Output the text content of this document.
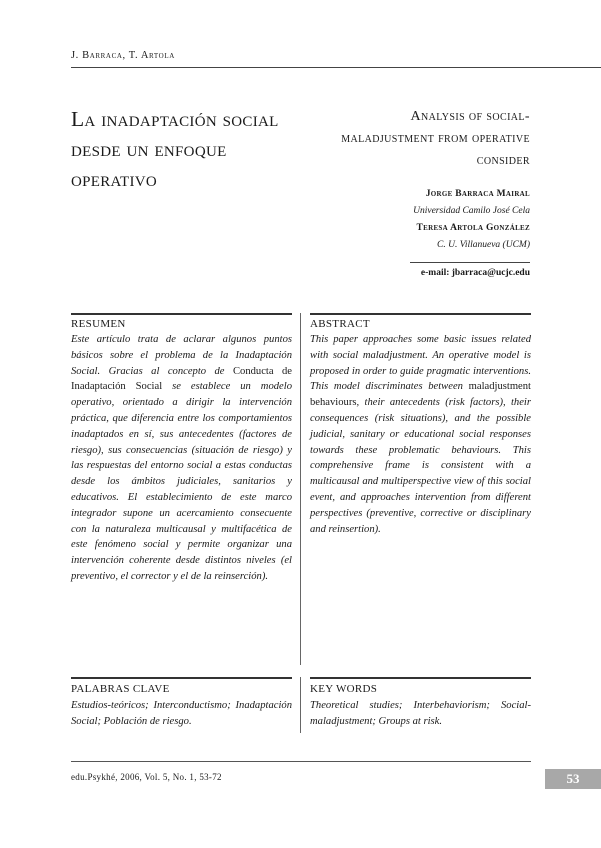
J. Barraca, T. Artola
La inadaptación social desde un enfoque operativo
Analysis of social-maladjustment from operative consider
Jorge Barraca Mairal
Universidad Camilo José Cela
Teresa Artola González
C. U. Villanueva (UCM)
e-mail: jbarraca@ucjc.edu
RESUMEN
Este artículo trata de aclarar algunos puntos básicos sobre el problema de la Inadaptación Social. Gracias al concepto de Conducta de Inadaptación Social se establece un modelo operativo, orientado a dirigir la intervención práctica, que diferencia entre los comportamientos inadaptados en sí, sus antecedentes (factores de riesgo), sus consecuencias (situación de riesgo) y las respuestas del entorno social a estas conductas desde los ámbitos judiciales, sanitarios y educativos. El establecimiento de este marco integrador supone un acercamiento consecuente con la naturaleza multicausal y multifacética de este fenómeno social y permite organizar una intervención coherente desde distintos niveles (el preventivo, el corrector y el de la reinserción).
ABSTRACT
This paper approaches some basic issues related with social maladjustment. An operative model is proposed in order to guide pragmatic interventions. This model discriminates between maladjustment behaviours, their antecedents (risk factors), their consequences (risk situations), and the possible judicial, sanitary or educational social responses towards these problematic behaviours. This comprehensive frame is consistent with a multicausal and multiperspective view of this social event, and approaches intervention from different perspectives (preventive, corrective or disciplinary and reinsertion).
PALABRAS CLAVE
Estudios-teóricos; Interconductismo; Inadaptación Social; Población de riesgo.
KEY WORDS
Theoretical studies; Interbehaviorism; Social-maladjustment; Groups at risk.
edu.Psykhé, 2006, Vol. 5, No. 1, 53-72	53
